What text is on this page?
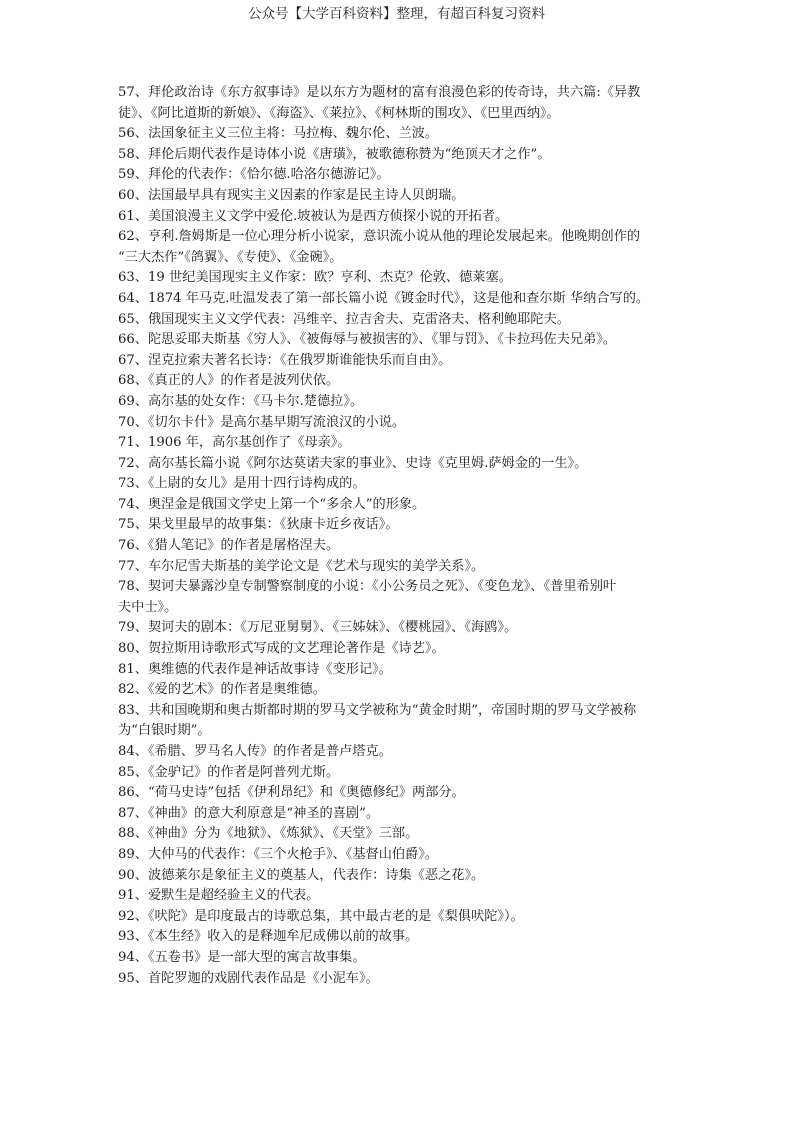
公众号【大学百科资料】整理，有超百科复习资料
57、拜伦政治诗《东方叙事诗》是以东方为题材的富有浪漫色彩的传奇诗，共六篇:《异教
徒》、《阿比道斯的新娘》、《海盗》、《莱拉》、《柯林斯的围攻》、《巴里西纳》。
56、法国象征主义三位主将：马拉梅、魏尔伦、兰波。
58、拜伦后期代表作是诗体小说《唐璜》，被歌德称赞为“绝顶天才之作”。
59、拜伦的代表作：《恰尔德.哈洛尔德游记》。
60、法国最早具有现实主义因素的作家是民主诗人贝朗瑞。
61、美国浪漫主义文学中爱伦.坡被认为是西方侦探小说的开拓者。
62、亨利.詹姆斯是一位心理分析小说家，意识流小说从他的理论发展起来。他晚期创作的
“三大杰作”《鸽翼》、《专使》、《金碗》。
63、19 世纪美国现实主义作家：欧？亨利、杰克？伦敦、德莱塞。
64、1874 年马克.吐温发表了第一部长篇小说《镀金时代》，这是他和查尔斯 华纳合写的。
65、俄国现实主义文学代表：冯维辛、拉吉舍夫、克雷洛夫、格利鲍耶陀夫。
66、陀思妥耶夫斯基《穷人》、《被侮辱与被损害的》、《罪与罚》、《卡拉玛佐夫兄弟》。
67、涅克拉索夫著名长诗：《在俄罗斯谁能快乐而自由》。
68、《真正的人》的作者是波列伏依。
69、高尔基的处女作：《马卡尔.楚德拉》。
70、《切尔卡什》是高尔基早期写流浪汉的小说。
71、1906 年，高尔基创作了《母亲》。
72、高尔基长篇小说《阿尔达莫诺夫家的事业》、史诗《克里姆.萨姆金的一生》。
73、《上尉的女儿》是用十四行诗构成的。
74、奥涅金是俄国文学史上第一个“多余人”的形象。
75、果戈里最早的故事集：《狄康卡近乡夜话》。
76、《猎人笔记》的作者是屠格涅夫。
77、车尔尼雪夫斯基的美学论文是《艺术与现实的美学关系》。
78、契诃夫暴露沙皇专制警察制度的小说：《小公务员之死》、《变色龙》、《普里希别叶
夫中士》。
79、契诃夫的剧本：《万尼亚舅舅》、《三姊妹》、《樱桃园》、《海鸥》。
80、贺拉斯用诗歌形式写成的文艺理论著作是《诗艺》。
81、奥维德的代表作是神话故事诗《变形记》。
82、《爱的艺术》的作者是奥维德。
83、共和国晚期和奥古斯都时期的罗马文学被称为“黄金时期”，帝国时期的罗马文学被称
为“白银时期”。
84、《希腊、罗马名人传》的作者是普卢塔克。
85、《金驴记》的作者是阿普列尤斯。
86、“荷马史诗”包括《伊利昂纪》和《奥德修纪》两部分。
87、《神曲》的意大利原意是“神圣的喜剧”。
88、《神曲》分为《地狱》、《炼狱》、《天堂》三部。
89、大仲马的代表作：《三个火枪手》、《基督山伯爵》。
90、波德莱尔是象征主义的奠基人，代表作：诗集《恶之花》。
91、爱默生是超经验主义的代表。
92、《吠陀》是印度最古的诗歌总集，其中最古老的是《梨俱吠陀》）。
93、《本生经》收入的是释迦牟尼成佛以前的故事。
94、《五卷书》是一部大型的寓言故事集。
95、首陀罗迦的戏剧代表作品是《小泥车》。
